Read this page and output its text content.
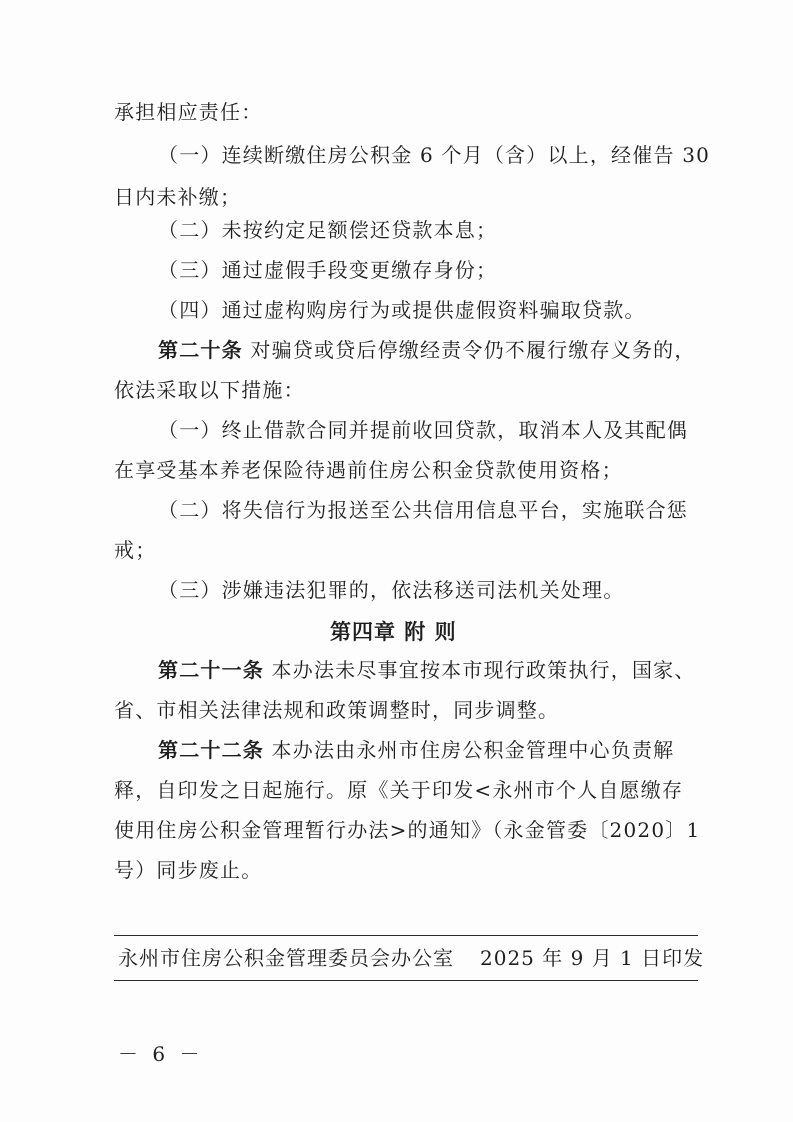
承担相应责任：
（一）连续断缴住房公积金 6 个月（含）以上，经催告 30
日内未补缴；
（二）未按约定足额偿还贷款本息；
（三）通过虚假手段变更缴存身份；
（四）通过虚构购房行为或提供虚假资料骗取贷款。
第二十条 对骗贷或贷后停缴经责令仍不履行缴存义务的，
依法采取以下措施：
（一）终止借款合同并提前收回贷款，取消本人及其配偶
在享受基本养老保险待遇前住房公积金贷款使用资格；
（二）将失信行为报送至公共信用信息平台，实施联合惩
戒；
（三）涉嫌违法犯罪的，依法移送司法机关处理。
第四章 附 则
第二十一条 本办法未尽事宜按本市现行政策执行，国家、
省、市相关法律法规和政策调整时，同步调整。
第二十二条 本办法由永州市住房公积金管理中心负责解
释，自印发之日起施行。原《关于印发<永州市个人自愿缴存
使用住房公积金管理暂行办法>的通知》（永金管委〔2020〕1
号）同步废止。
永州市住房公积金管理委员会办公室 2025 年 9 月 1 日印发
－ 6 －
